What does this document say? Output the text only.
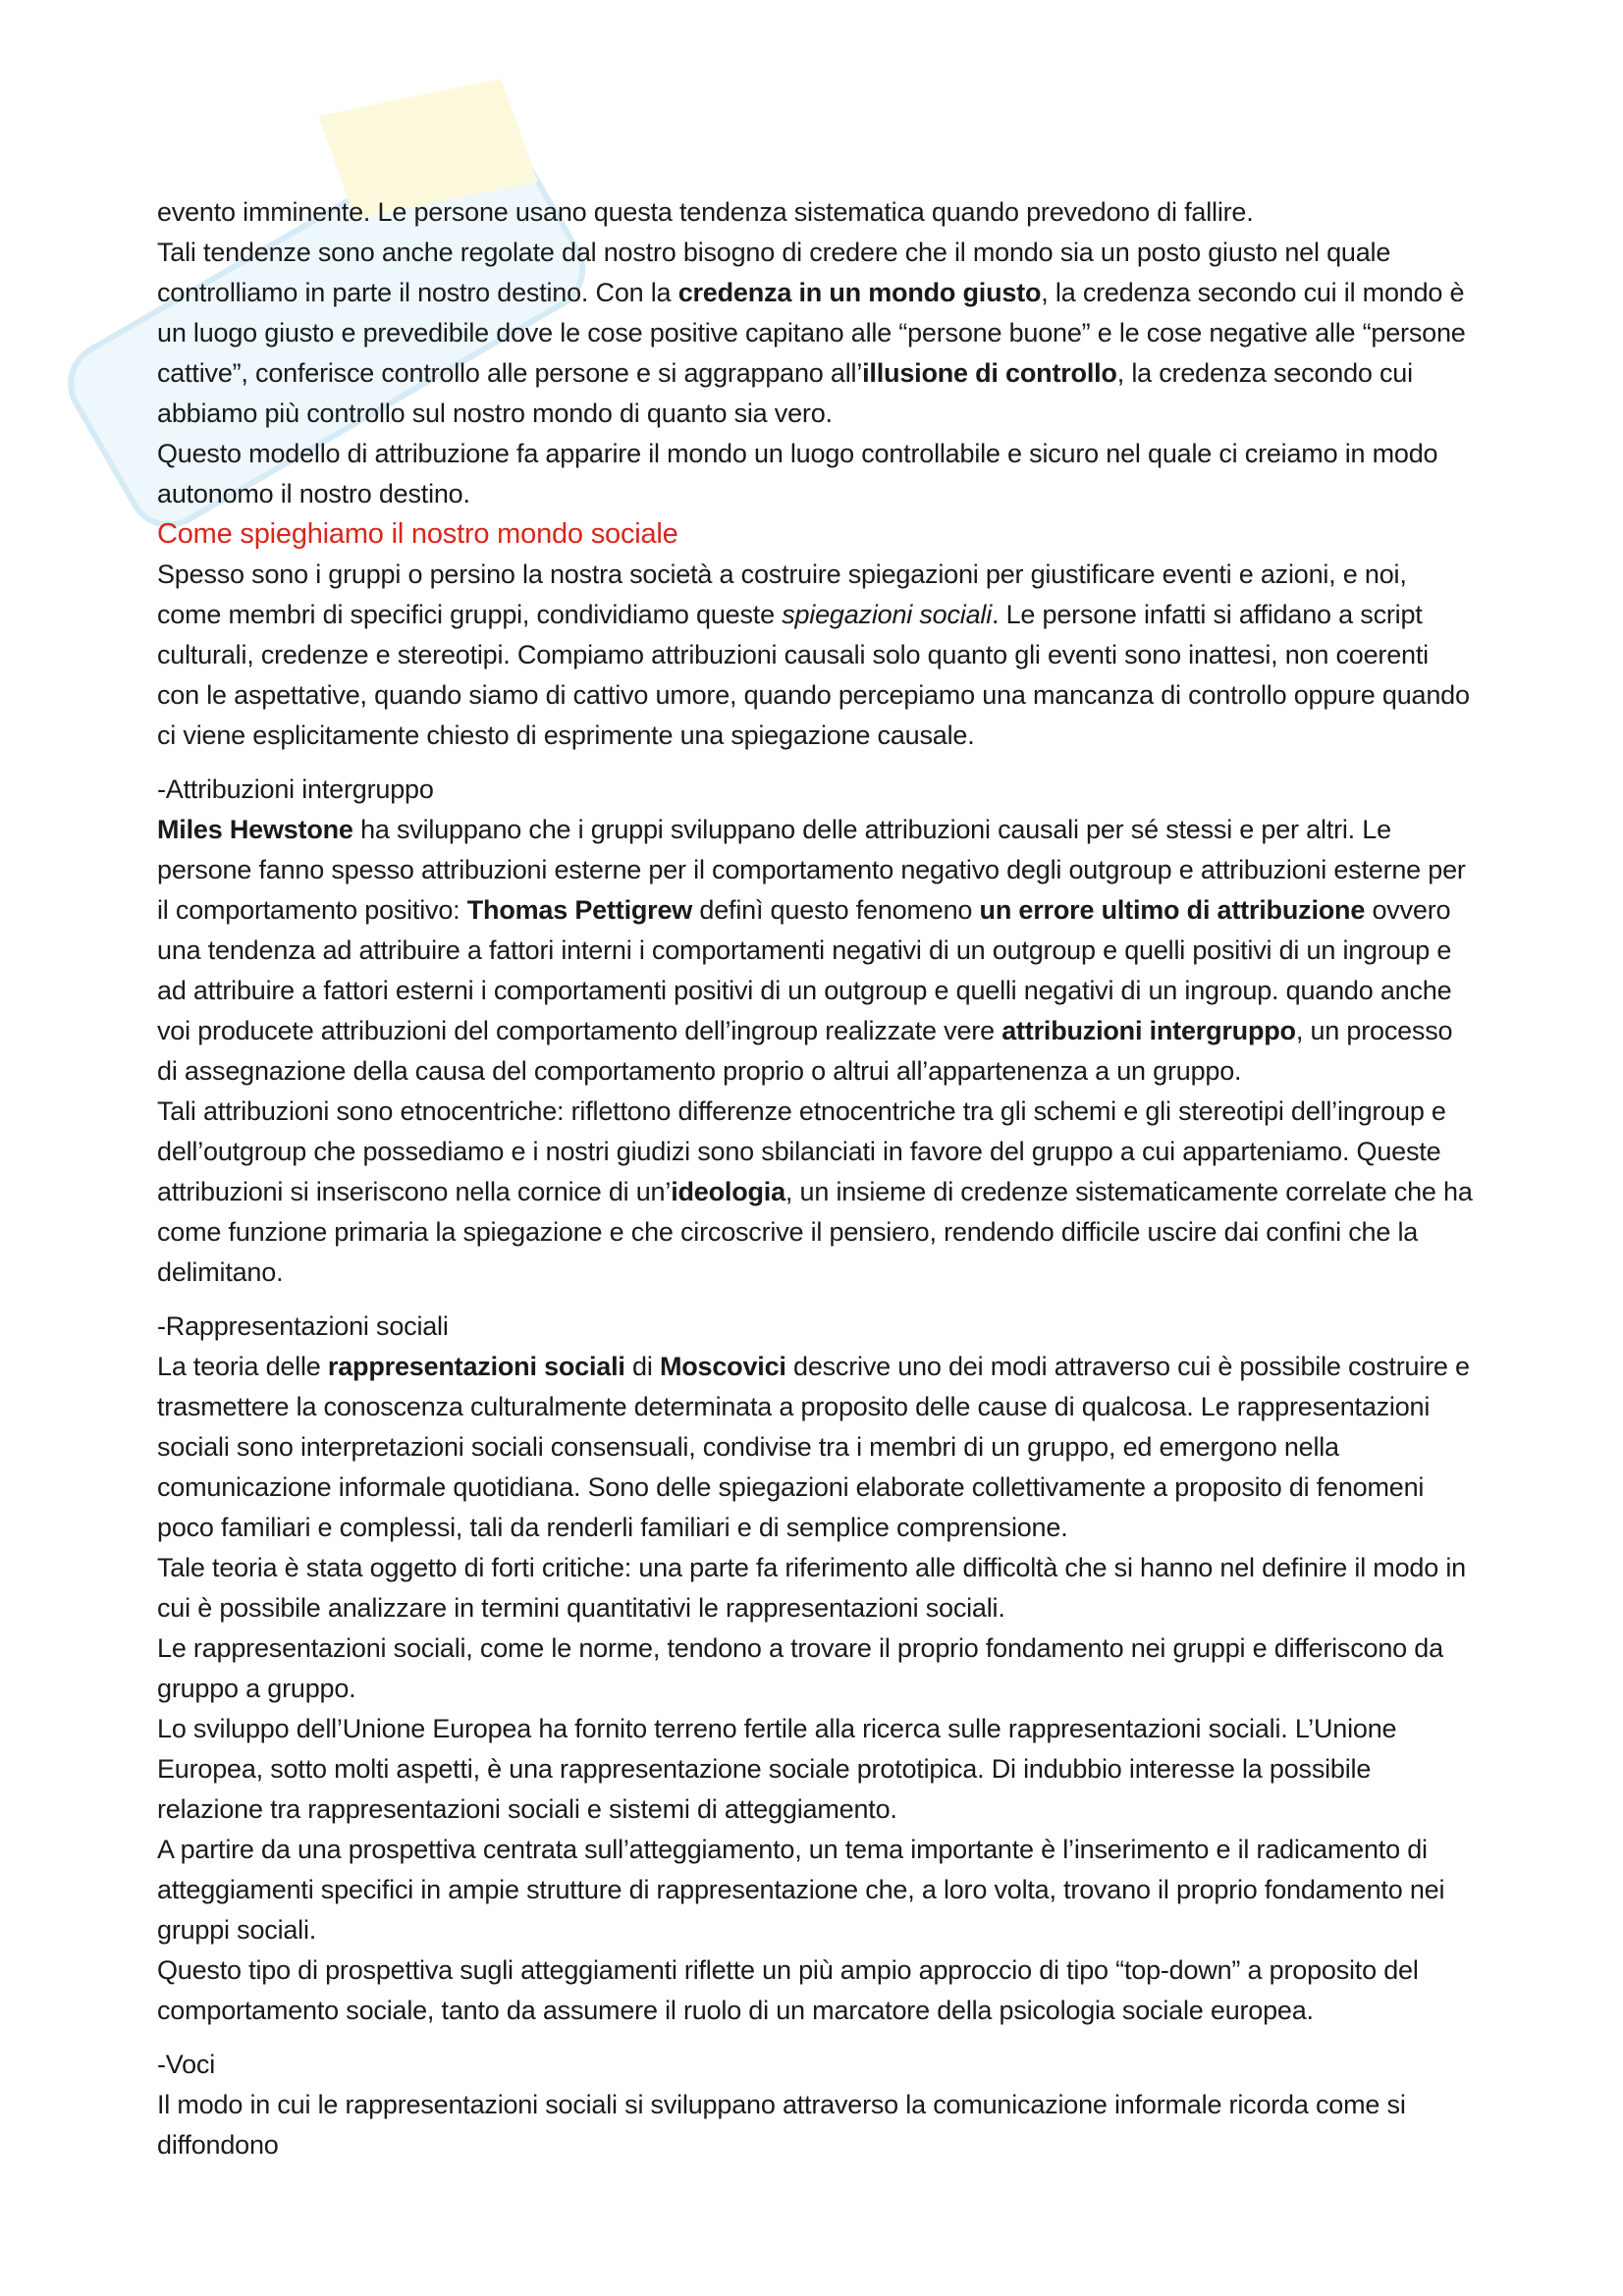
evento imminente. Le persone usano questa tendenza sistematica quando prevedono di fallire.

Tali tendenze sono anche regolate dal nostro bisogno di credere che il mondo sia un posto giusto nel quale controlliamo in parte il nostro destino. Con la credenza in un mondo giusto, la credenza secondo cui il mondo è un luogo giusto e prevedibile dove le cose positive capitano alle “persone buone” e le cose negative alle “persone cattive”, conferisce controllo alle persone e si aggrappano all’illusione di controllo, la credenza secondo cui abbiamo più controllo sul nostro mondo di quanto sia vero.

Questo modello di attribuzione fa apparire il mondo un luogo controllabile e sicuro nel quale ci creiamo in modo autonomo il nostro destino.

Come spieghiamo il nostro mondo sociale

Spesso sono i gruppi o persino la nostra società a costruire spiegazioni per giustificare eventi e azioni, e noi, come membri di specifici gruppi, condividiamo queste spiegazioni sociali. Le persone infatti si affidano a script culturali, credenze e stereotipi. Compiamo attribuzioni causali solo quanto gli eventi sono inattesi, non coerenti con le aspettative, quando siamo di cattivo umore, quando percepiamo una mancanza di controllo oppure quando ci viene esplicitamente chiesto di esprimente una spiegazione causale.

-Attribuzioni intergruppo

Miles Hewstone ha sviluppano che i gruppi sviluppano delle attribuzioni causali per sé stessi e per altri. Le persone fanno spesso attribuzioni esterne per il comportamento negativo degli outgroup e attribuzioni esterne per il comportamento positivo: Thomas Pettigrew definì questo fenomeno un errore ultimo di attribuzione ovvero una tendenza ad attribuire a fattori interni i comportamenti negativi di un outgroup e quelli positivi di un ingroup e ad attribuire a fattori esterni i comportamenti positivi di un outgroup e quelli negativi di un ingroup. quando anche voi producete attribuzioni del comportamento dell’ingroup realizzate vere attribuzioni intergruppo, un processo di assegnazione della causa del comportamento proprio o altrui all’appartenenza a un gruppo.

Tali attribuzioni sono etnocentriche: riflettono differenze etnocentriche tra gli schemi e gli stereotipi dell’ingroup e dell’outgroup che possediamo e i nostri giudizi sono sbilanciati in favore del gruppo a cui apparteniamo. Queste attribuzioni si inseriscono nella cornice di un’ideologia, un insieme di credenze sistematicamente correlate che ha come funzione primaria la spiegazione e che circoscrive il pensiero, rendendo difficile uscire dai confini che la delimitano.

-Rappresentazioni sociali

La teoria delle rappresentazioni sociali di Moscovici descrive uno dei modi attraverso cui è possibile costruire e trasmettere la conoscenza culturalmente determinata a proposito delle cause di qualcosa. Le rappresentazioni sociali sono interpretazioni sociali consensuali, condivise tra i membri di un gruppo, ed emergono nella comunicazione informale quotidiana. Sono delle spiegazioni elaborate collettivamente a proposito di fenomeni poco familiari e complessi, tali da renderli familiari e di semplice comprensione.

Tale teoria è stata oggetto di forti critiche: una parte fa riferimento alle difficoltà che si hanno nel definire il modo in cui è possibile analizzare in termini quantitativi le rappresentazioni sociali.

Le rappresentazioni sociali, come le norme, tendono a trovare il proprio fondamento nei gruppi e differiscono da gruppo a gruppo.

Lo sviluppo dell’Unione Europea ha fornito terreno fertile alla ricerca sulle rappresentazioni sociali. L’Unione Europea, sotto molti aspetti, è una rappresentazione sociale prototipica. Di indubbio interesse la possibile relazione tra rappresentazioni sociali e sistemi di atteggiamento.

A partire da una prospettiva centrata sull’atteggiamento, un tema importante è l’inserimento e il radicamento di atteggiamenti specifici in ampie strutture di rappresentazione che, a loro volta, trovano il proprio fondamento nei gruppi sociali.

Questo tipo di prospettiva sugli atteggiamenti riflette un più ampio approccio di tipo “top-down” a proposito del comportamento sociale, tanto da assumere il ruolo di un marcatore della psicologia sociale europea.

-Voci

Il modo in cui le rappresentazioni sociali si sviluppano attraverso la comunicazione informale ricorda come si diffondono
